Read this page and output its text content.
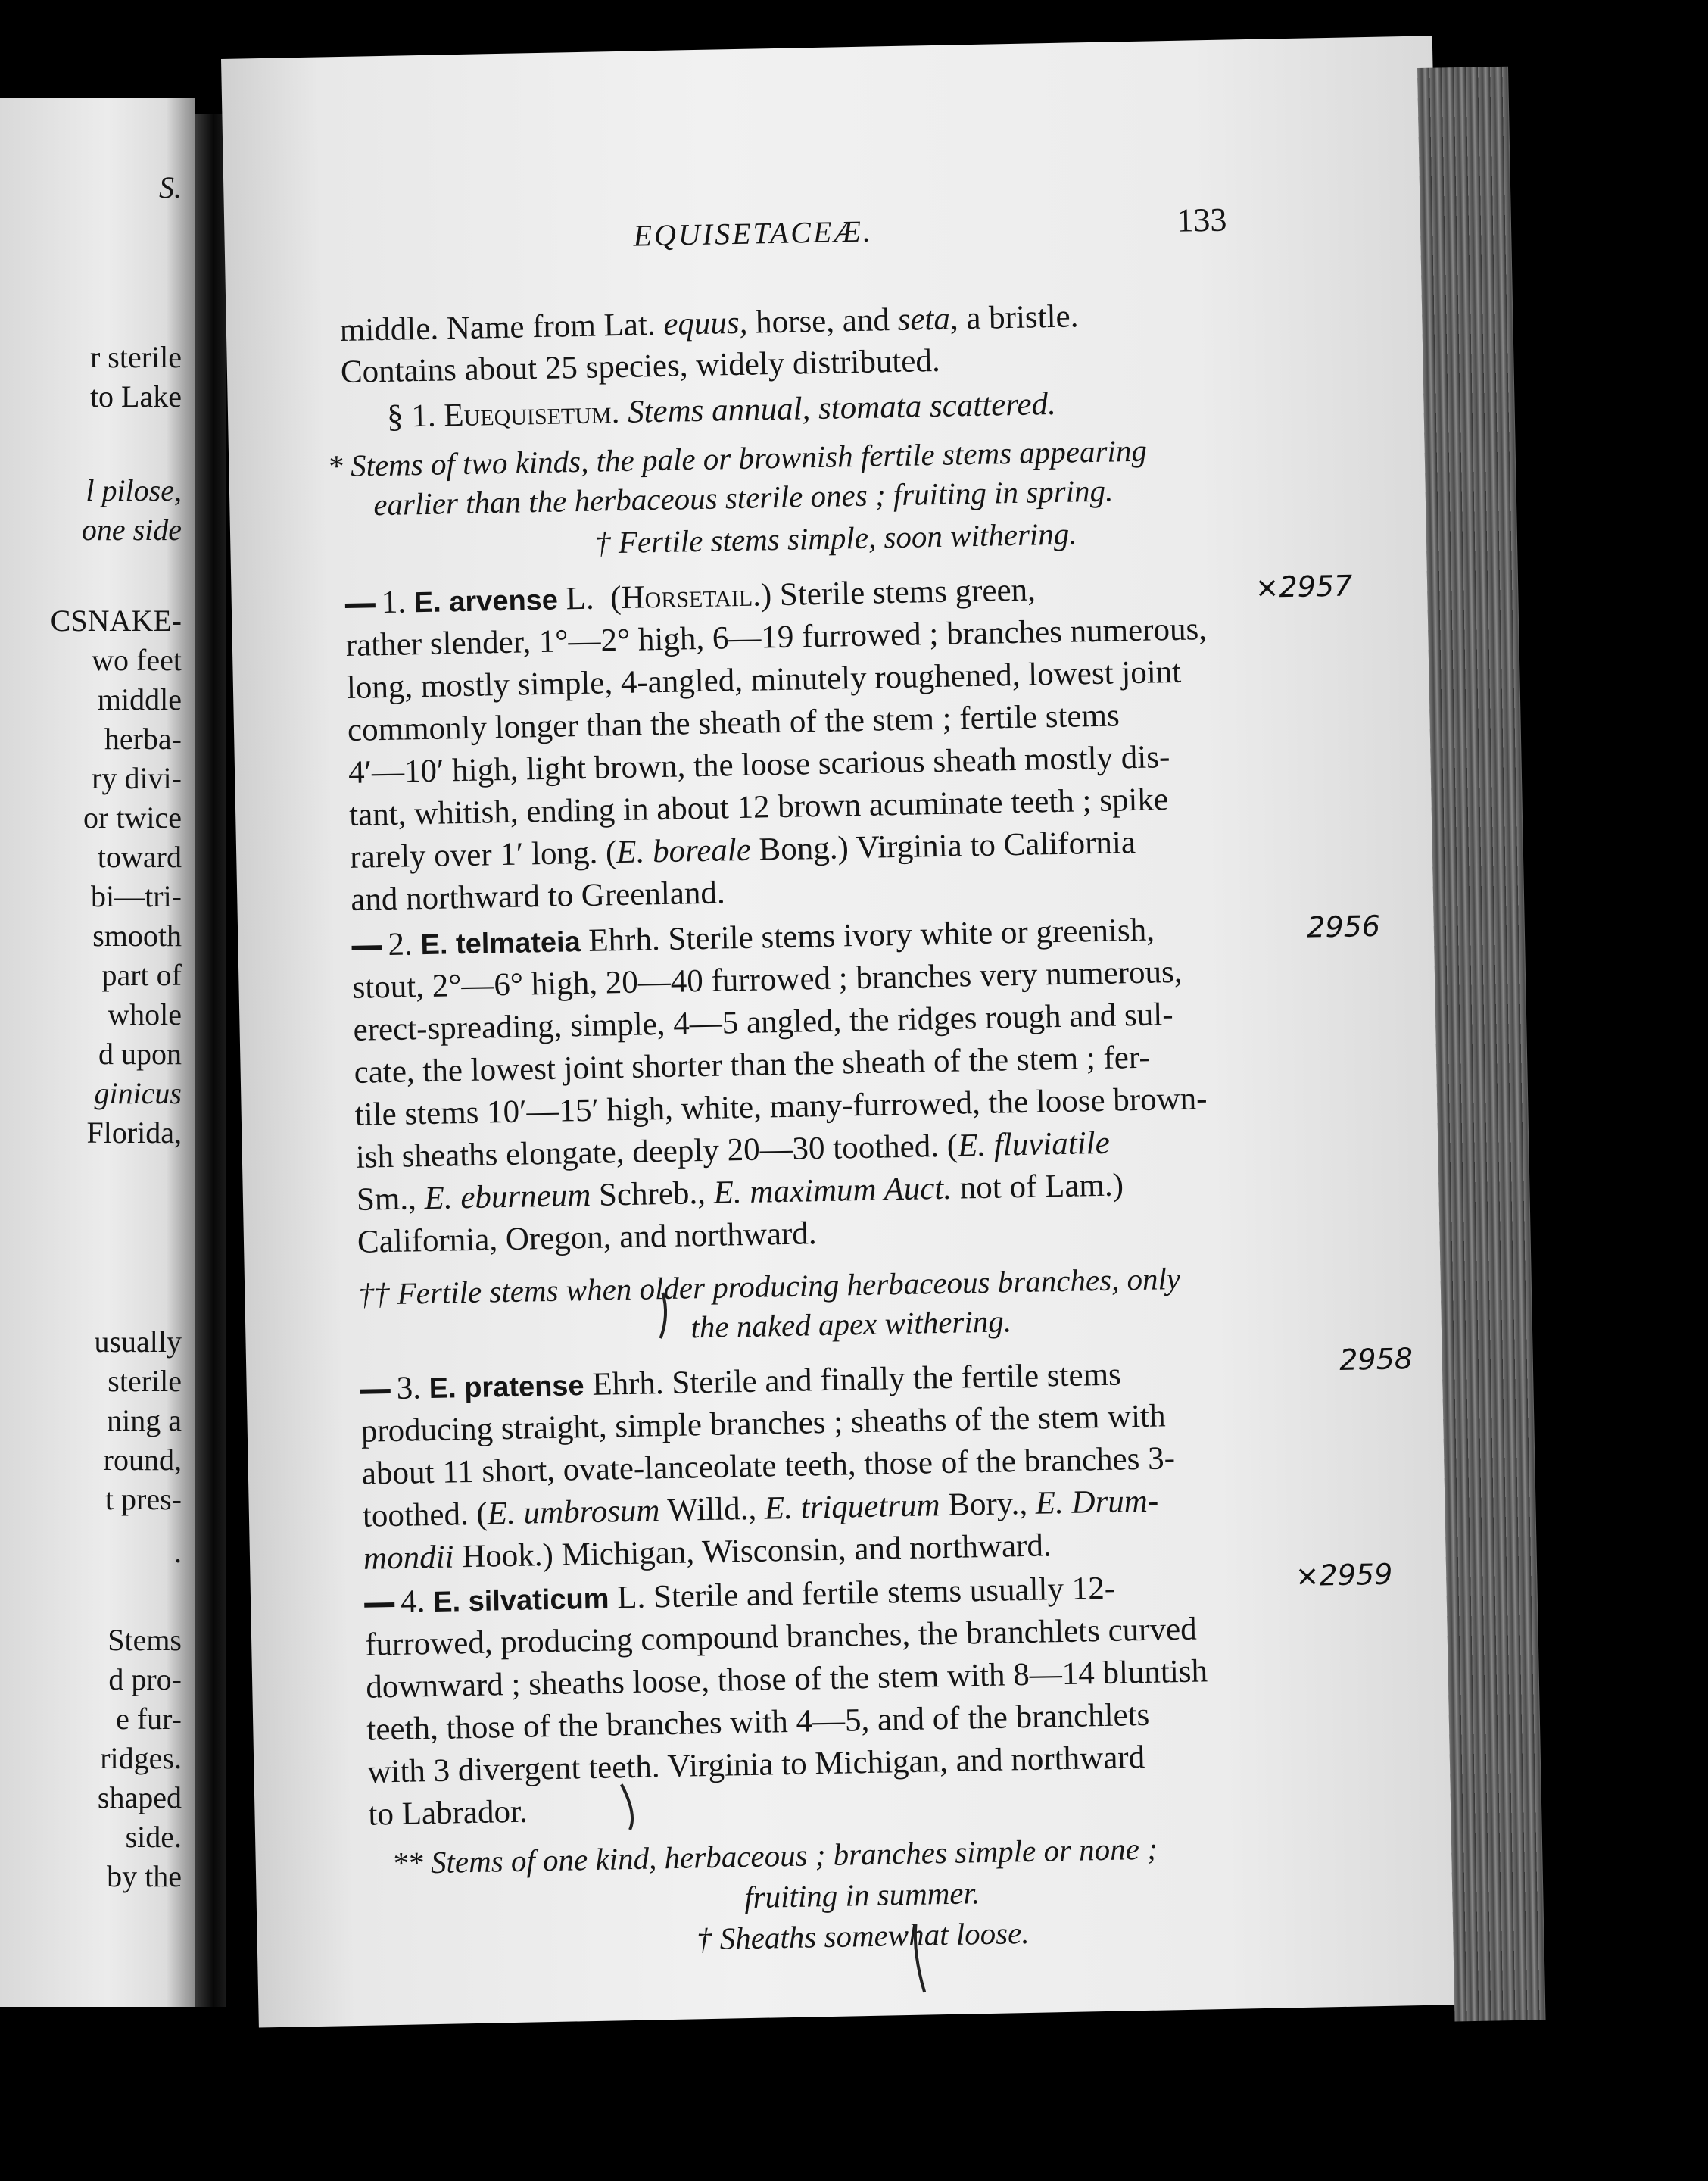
S.
r sterile
to Lake
l pilose,
one side
CSNAKE-
wo feet
middle
herba-
ry divi-
or twice
toward
bi—tri-
smooth
part of
whole
d upon
ginicus
Florida,
usually
sterile
ning a
round,
t pres-
.
Stems
d pro-
e fur-
ridges.
shaped
side.
by the
EQUISETACEÆ.	133
middle. Name from Lat. equus, horse, and seta, a bristle.
Contains about 25 species, widely distributed.
§ 1. Euequisetum. Stems annual, stomata scattered.
* Stems of two kinds, the pale or brownish fertile stems appearing
earlier than the herbaceous sterile ones ; fruiting in spring.
† Fertile stems simple, soon withering.
1. E. arvense L. (Horsetail.) Sterile stems green,
rather slender, 1°—2° high, 6—19 furrowed ; branches numerous,
long, mostly simple, 4-angled, minutely roughened, lowest joint
commonly longer than the sheath of the stem ; fertile stems
4′—10′ high, light brown, the loose scarious sheath mostly dis-
tant, whitish, ending in about 12 brown acuminate teeth ; spike
rarely over 1′ long. (E. boreale Bong.) Virginia to California
and northward to Greenland.
2. E. telmateia Ehrh. Sterile stems ivory white or greenish,
stout, 2°—6° high, 20—40 furrowed ; branches very numerous,
erect-spreading, simple, 4—5 angled, the ridges rough and sul-
cate, the lowest joint shorter than the sheath of the stem ; fer-
tile stems 10′—15′ high, white, many-furrowed, the loose brown-
ish sheaths elongate, deeply 20—30 toothed. (E. fluviatile
Sm., E. eburneum Schreb., E. maximum Auct. not of Lam.)
California, Oregon, and northward.
†† Fertile stems when older producing herbaceous branches, only
the naked apex withering.
3. E. pratense Ehrh. Sterile and finally the fertile stems
producing straight, simple branches ; sheaths of the stem with
about 11 short, ovate-lanceolate teeth, those of the branches 3-
toothed. (E. umbrosum Willd., E. triquetrum Bory., E. Drum-
mondii Hook.) Michigan, Wisconsin, and northward.
4. E. silvaticum L. Sterile and fertile stems usually 12-
furrowed, producing compound branches, the branchlets curved
downward ; sheaths loose, those of the stem with 8—14 bluntish
teeth, those of the branches with 4—5, and of the branchlets
with 3 divergent teeth. Virginia to Michigan, and northward
to Labrador.
** Stems of one kind, herbaceous ; branches simple or none ;
fruiting in summer.
† Sheaths somewhat loose.
×2957
2956
2958
×2959
